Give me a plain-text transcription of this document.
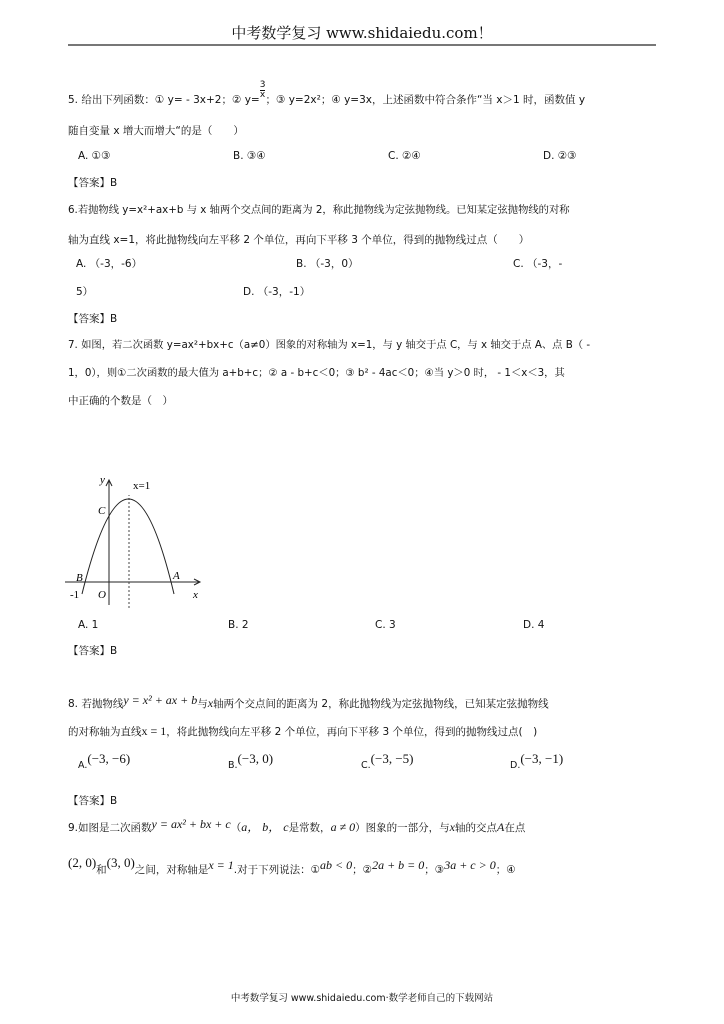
中考数学复习 www.shidaiedu.com！
5. 给出下列函数：① y= - 3x+2；② $y= \frac{3}{x}$ ；③ y=2x²；④ y=3x，上述函数中符合条作“当 x＞1 时，函数值 y
随自变量 x 增大而增大“的是（　　）
A. ①③	B. ③④	C. ②④	D. ②③
【答案】B
6.若抛物线 y=x²+ax+b 与 x 轴两个交点间的距离为 2，称此抛物线为定弦抛物线。已知某定弦抛物线的对称
轴为直线 x=1，将此抛物线向左平移 2 个单位，再向下平移 3 个单位，得到的抛物线过点（　　）
A. （-3，-6）	B. （-3，0）	C. （-3，-
5）	D. （-3，-1）
【答案】B
7. 如图，若二次函数 y=ax²+bx+c（a≠0）图象的对称轴为 x=1，与 y 轴交于点 C，与 x 轴交于点 A、点 B（ -
1，0），则①二次函数的最大值为 a+b+c；② a - b+c＜0；③ b² - 4ac＜0；④当 y＞0 时， - 1＜x＜3，其
中正确的个数是（　）
y	x=1
C
B	A
-1 O	x
A. 1	B. 2	C. 3	D. 4
【答案】B
8. 若抛物线y = x² + ax + b与x轴两个交点间的距离为 2，称此抛物线为定弦抛物线，已知某定弦抛物线
的对称轴为直线x = 1，将此抛物线向左平移 2 个单位，再向下平移 3 个单位，得到的抛物线过点(　)
A.(−3, −6)	B.(−3, 0)	C.(−3, −5)	D.(−3, −1)
【答案】B
9.如图是二次函数y = ax² + bx + c（a， b， c是常数，a ≠ 0）图象的一部分，与x轴的交点A在点
(2, 0)和(3, 0)之间，对称轴是x = 1.对于下列说法：①ab < 0；②2a + b = 0；③3a + c > 0；④
中考数学复习 www.shidaiedu.com·数学老师自己的下载网站
